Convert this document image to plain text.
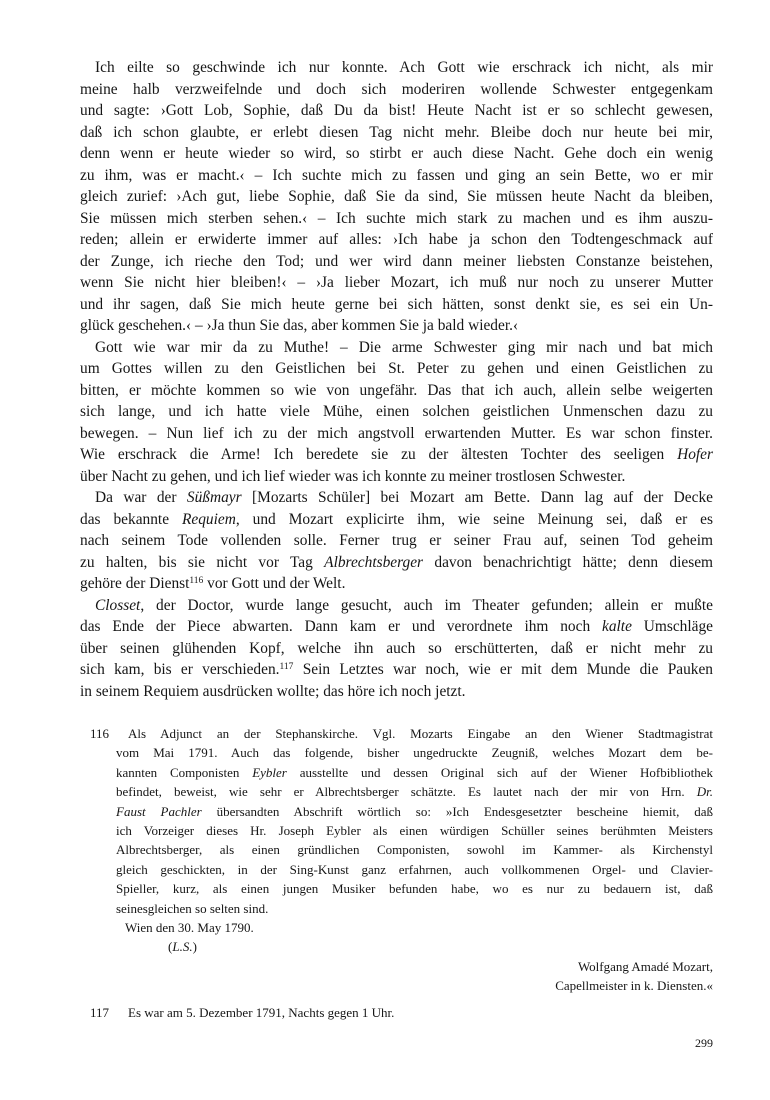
Ich eilte so geschwinde ich nur konnte. Ach Gott wie erschrack ich nicht, als mir
meine halb verzweifelnde und doch sich moderiren wollende Schwester entgegenkam
und sagte: ›Gott Lob, Sophie, daß Du da bist! Heute Nacht ist er so schlecht gewesen,
daß ich schon glaubte, er erlebt diesen Tag nicht mehr. Bleibe doch nur heute bei mir,
denn wenn er heute wieder so wird, so stirbt er auch diese Nacht. Gehe doch ein wenig
zu ihm, was er macht.‹ – Ich suchte mich zu fassen und ging an sein Bette, wo er mir
gleich zurief: ›Ach gut, liebe Sophie, daß Sie da sind, Sie müssen heute Nacht da bleiben,
Sie müssen mich sterben sehen.‹ – Ich suchte mich stark zu machen und es ihm auszu-
reden; allein er erwiderte immer auf alles: ›Ich habe ja schon den Todtengeschmack auf
der Zunge, ich rieche den Tod; und wer wird dann meiner liebsten Constanze beistehen,
wenn Sie nicht hier bleiben!‹ – ›Ja lieber Mozart, ich muß nur noch zu unserer Mutter
und ihr sagen, daß Sie mich heute gerne bei sich hätten, sonst denkt sie, es sei ein Un-
glück geschehen.‹ – ›Ja thun Sie das, aber kommen Sie ja bald wieder.‹
Gott wie war mir da zu Muthe! – Die arme Schwester ging mir nach und bat mich
um Gottes willen zu den Geistlichen bei St. Peter zu gehen und einen Geistlichen zu
bitten, er möchte kommen so wie von ungefähr. Das that ich auch, allein selbe weigerten
sich lange, und ich hatte viele Mühe, einen solchen geistlichen Unmenschen dazu zu
bewegen. – Nun lief ich zu der mich angstvoll erwartenden Mutter. Es war schon finster.
Wie erschrack die Arme! Ich beredete sie zu der ältesten Tochter des seeligen Hofer
über Nacht zu gehen, und ich lief wieder was ich konnte zu meiner trostlosen Schwester.
Da war der Süßmayr [Mozarts Schüler] bei Mozart am Bette. Dann lag auf der Decke
das bekannte Requiem, und Mozart explicirte ihm, wie seine Meinung sei, daß er es
nach seinem Tode vollenden solle. Ferner trug er seiner Frau auf, seinen Tod geheim
zu halten, bis sie nicht vor Tag Albrechtsberger davon benachrichtigt hätte; denn diesem
gehöre der Dienst$^{116}$ vor Gott und der Welt.
Closset, der Doctor, wurde lange gesucht, auch im Theater gefunden; allein er mußte
das Ende der Piece abwarten. Dann kam er und verordnete ihm noch kalte Umschläge
über seinen glühenden Kopf, welche ihn auch so erschütterten, daß er nicht mehr zu
sich kam, bis er verschieden.$^{117}$ Sein Letztes war noch, wie er mit dem Munde die Pauken
in seinem Requiem ausdrücken wollte; das höre ich noch jetzt.
116	Als Adjunct an der Stephanskirche. Vgl. Mozarts Eingabe an den Wiener Stadtmagistrat
vom Mai 1791. Auch das folgende, bisher ungedruckte Zeugniß, welches Mozart dem be-
kannten Componisten Eybler ausstellte und dessen Original sich auf der Wiener Hofbibliothek
befindet, beweist, wie sehr er Albrechtsberger schätzte. Es lautet nach der mir von Hrn. Dr.
Faust Pachler übersandten Abschrift wörtlich so: »Ich Endesgesetzter bescheine hiemit, daß
ich Vorzeiger dieses Hr. Joseph Eybler als einen würdigen Schüller seines berühmten Meisters
Albrechtsberger, als einen gründlichen Componisten, sowohl im Kammer- als Kirchenstyl
gleich geschickten, in der Sing-Kunst ganz erfahrnen, auch vollkommenen Orgel- und Clavier-
Spieller, kurz, als einen jungen Musiker befunden habe, wo es nur zu bedauern ist, daß
seinesgleichen so selten sind.
Wien den 30. May 1790.
(L.S.)
Wolfgang Amadé Mozart,
Capellmeister in k. Diensten.«
117	Es war am 5. Dezember 1791, Nachts gegen 1 Uhr.
299
